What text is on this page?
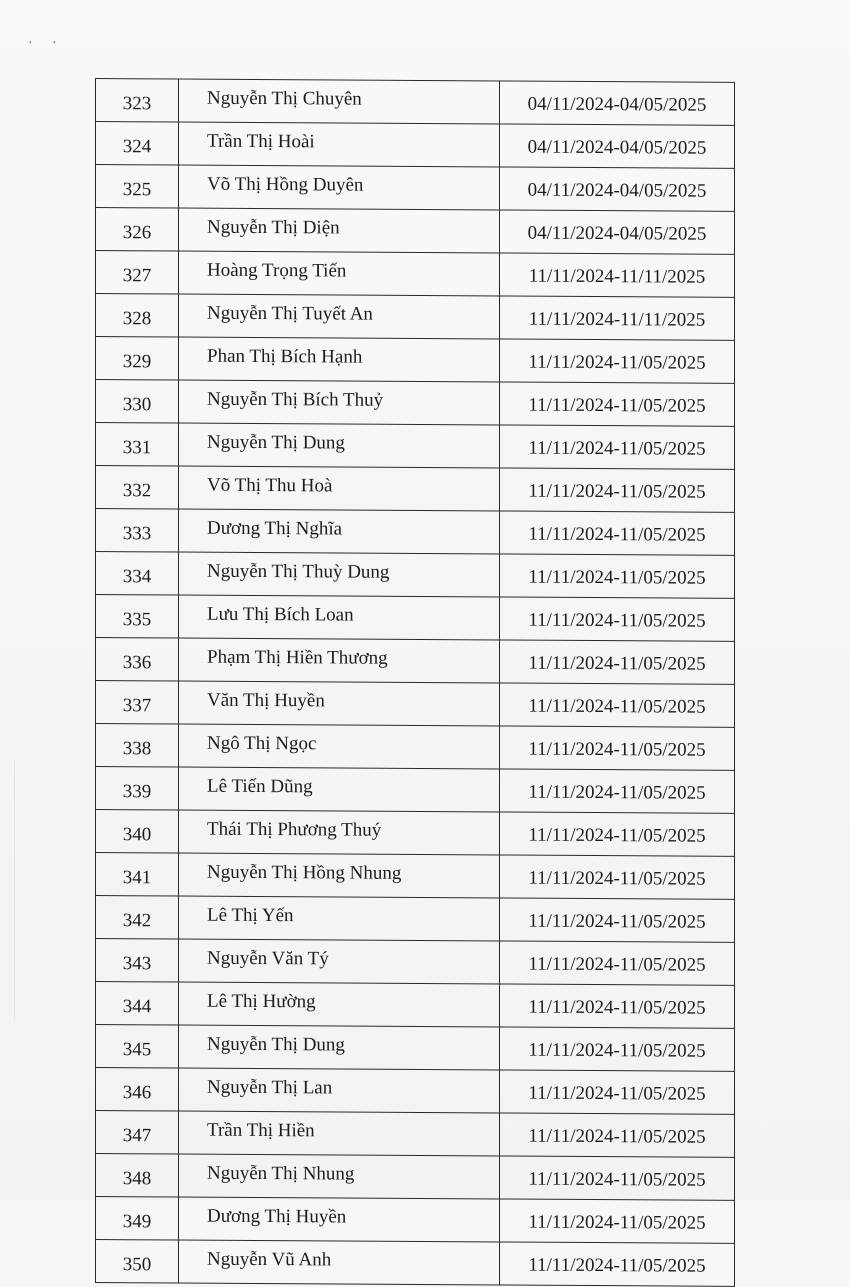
· ·
323	Nguyễn Thị Chuyên	04/11/2024-04/05/2025
324	Trần Thị Hoài	04/11/2024-04/05/2025
325	Võ Thị Hồng Duyên	04/11/2024-04/05/2025
326	Nguyễn Thị Diện	04/11/2024-04/05/2025
327	Hoàng Trọng Tiến	11/11/2024-11/11/2025
328	Nguyễn Thị Tuyết An	11/11/2024-11/11/2025
329	Phan Thị Bích Hạnh	11/11/2024-11/05/2025
330	Nguyễn Thị Bích Thuỷ	11/11/2024-11/05/2025
331	Nguyễn Thị Dung	11/11/2024-11/05/2025
332	Võ Thị Thu Hoà	11/11/2024-11/05/2025
333	Dương Thị Nghĩa	11/11/2024-11/05/2025
334	Nguyễn Thị Thuỳ Dung	11/11/2024-11/05/2025
335	Lưu Thị Bích Loan	11/11/2024-11/05/2025
336	Phạm Thị Hiền Thương	11/11/2024-11/05/2025
337	Văn Thị Huyền	11/11/2024-11/05/2025
338	Ngô Thị Ngọc	11/11/2024-11/05/2025
339	Lê Tiến Dũng	11/11/2024-11/05/2025
340	Thái Thị Phương Thuý	11/11/2024-11/05/2025
341	Nguyễn Thị Hồng Nhung	11/11/2024-11/05/2025
342	Lê Thị Yến	11/11/2024-11/05/2025
343	Nguyễn Văn Tý	11/11/2024-11/05/2025
344	Lê Thị Hường	11/11/2024-11/05/2025
345	Nguyễn Thị Dung	11/11/2024-11/05/2025
346	Nguyễn Thị Lan	11/11/2024-11/05/2025
347	Trần Thị Hiền	11/11/2024-11/05/2025
348	Nguyễn Thị Nhung	11/11/2024-11/05/2025
349	Dương Thị Huyền	11/11/2024-11/05/2025
350	Nguyễn Vũ Anh	11/11/2024-11/05/2025
